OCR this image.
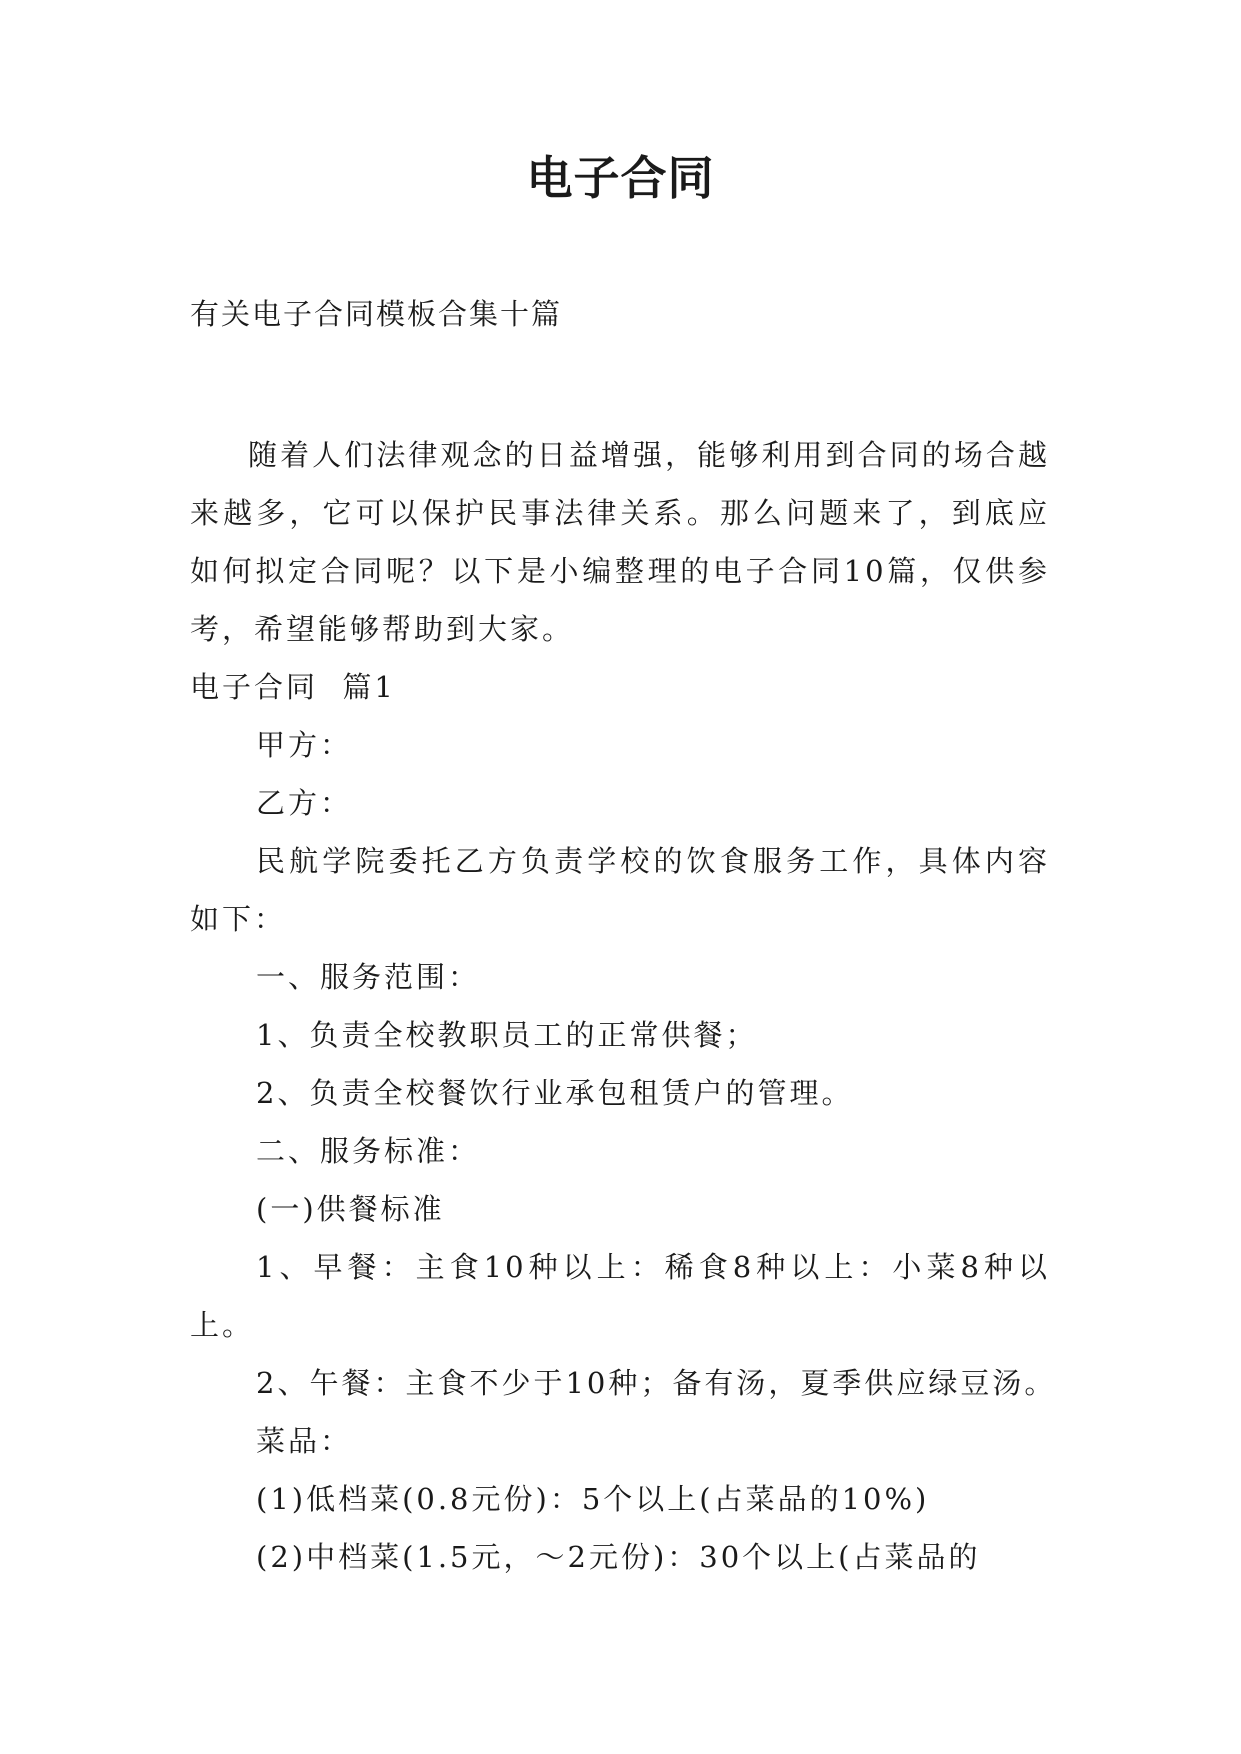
电子合同

有关电子合同模板合集十篇

随着人们法律观念的日益增强，能够利用到合同的场合越来越多，它可以保护民事法律关系。那么问题来了，到底应如何拟定合同呢？以下是小编整理的电子合同10篇，仅供参考，希望能够帮助到大家。

电子合同  篇1
甲方：
乙方：
民航学院委托乙方负责学校的饮食服务工作，具体内容如下：
一、服务范围：
1、负责全校教职员工的正常供餐；
2、负责全校餐饮行业承包租赁户的管理。
二、服务标准：
(一)供餐标准
1、早餐：主食10种以上：稀食8种以上：小菜8种以上。
2、午餐：主食不少于10种；备有汤，夏季供应绿豆汤。
菜品：
(1)低档菜(0.8元份)：5个以上(占菜品的10%)
(2)中档菜(1.5元，～2元份)：30个以上(占菜品的
